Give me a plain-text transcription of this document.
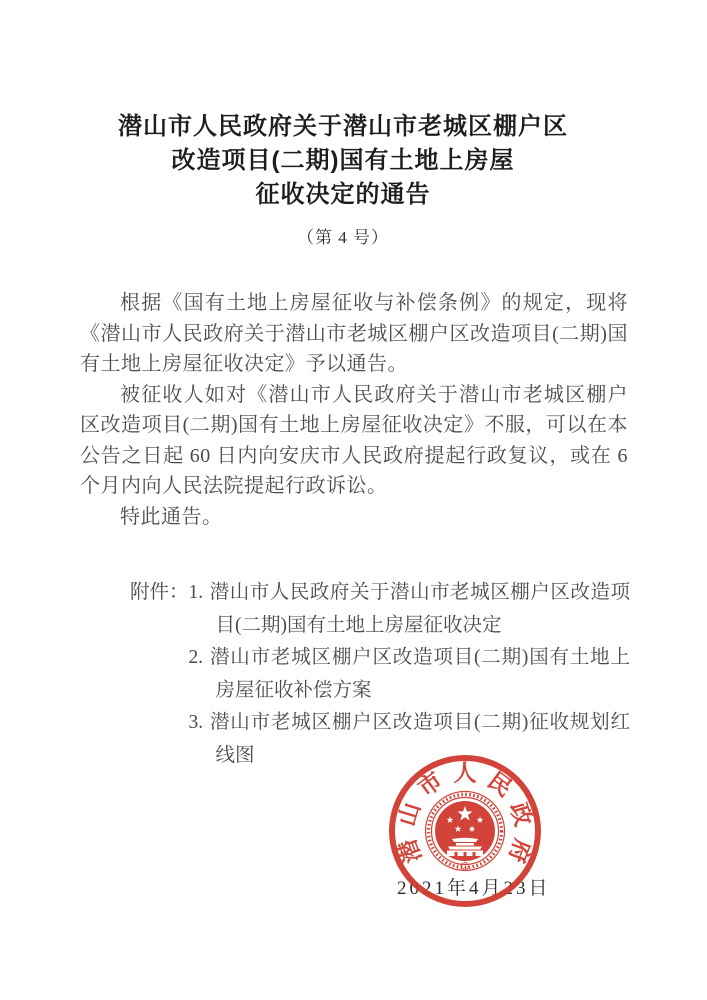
潜山市人民政府关于潜山市老城区棚户区
改造项目(二期)国有土地上房屋
征收决定的通告
（第 4 号）

根据《国有土地上房屋征收与补偿条例》的规定，现将《潜山市人民政府关于潜山市老城区棚户区改造项目(二期)国有土地上房屋征收决定》予以通告。

被征收人如对《潜山市人民政府关于潜山市老城区棚户区改造项目(二期)国有土地上房屋征收决定》不服，可以在本公告之日起 60 日内向安庆市人民政府提起行政复议，或在 6 个月内向人民法院提起行政诉讼。

特此通告。

附件： 1. 潜山市人民政府关于潜山市老城区棚户区改造项目(二期)国有土地上房屋征收决定
2. 潜山市老城区棚户区改造项目(二期)国有土地上房屋征收补偿方案
3. 潜山市老城区棚户区改造项目(二期)征收规划红线图
2021年4月23日
潜
山
市 人 民
政
府
